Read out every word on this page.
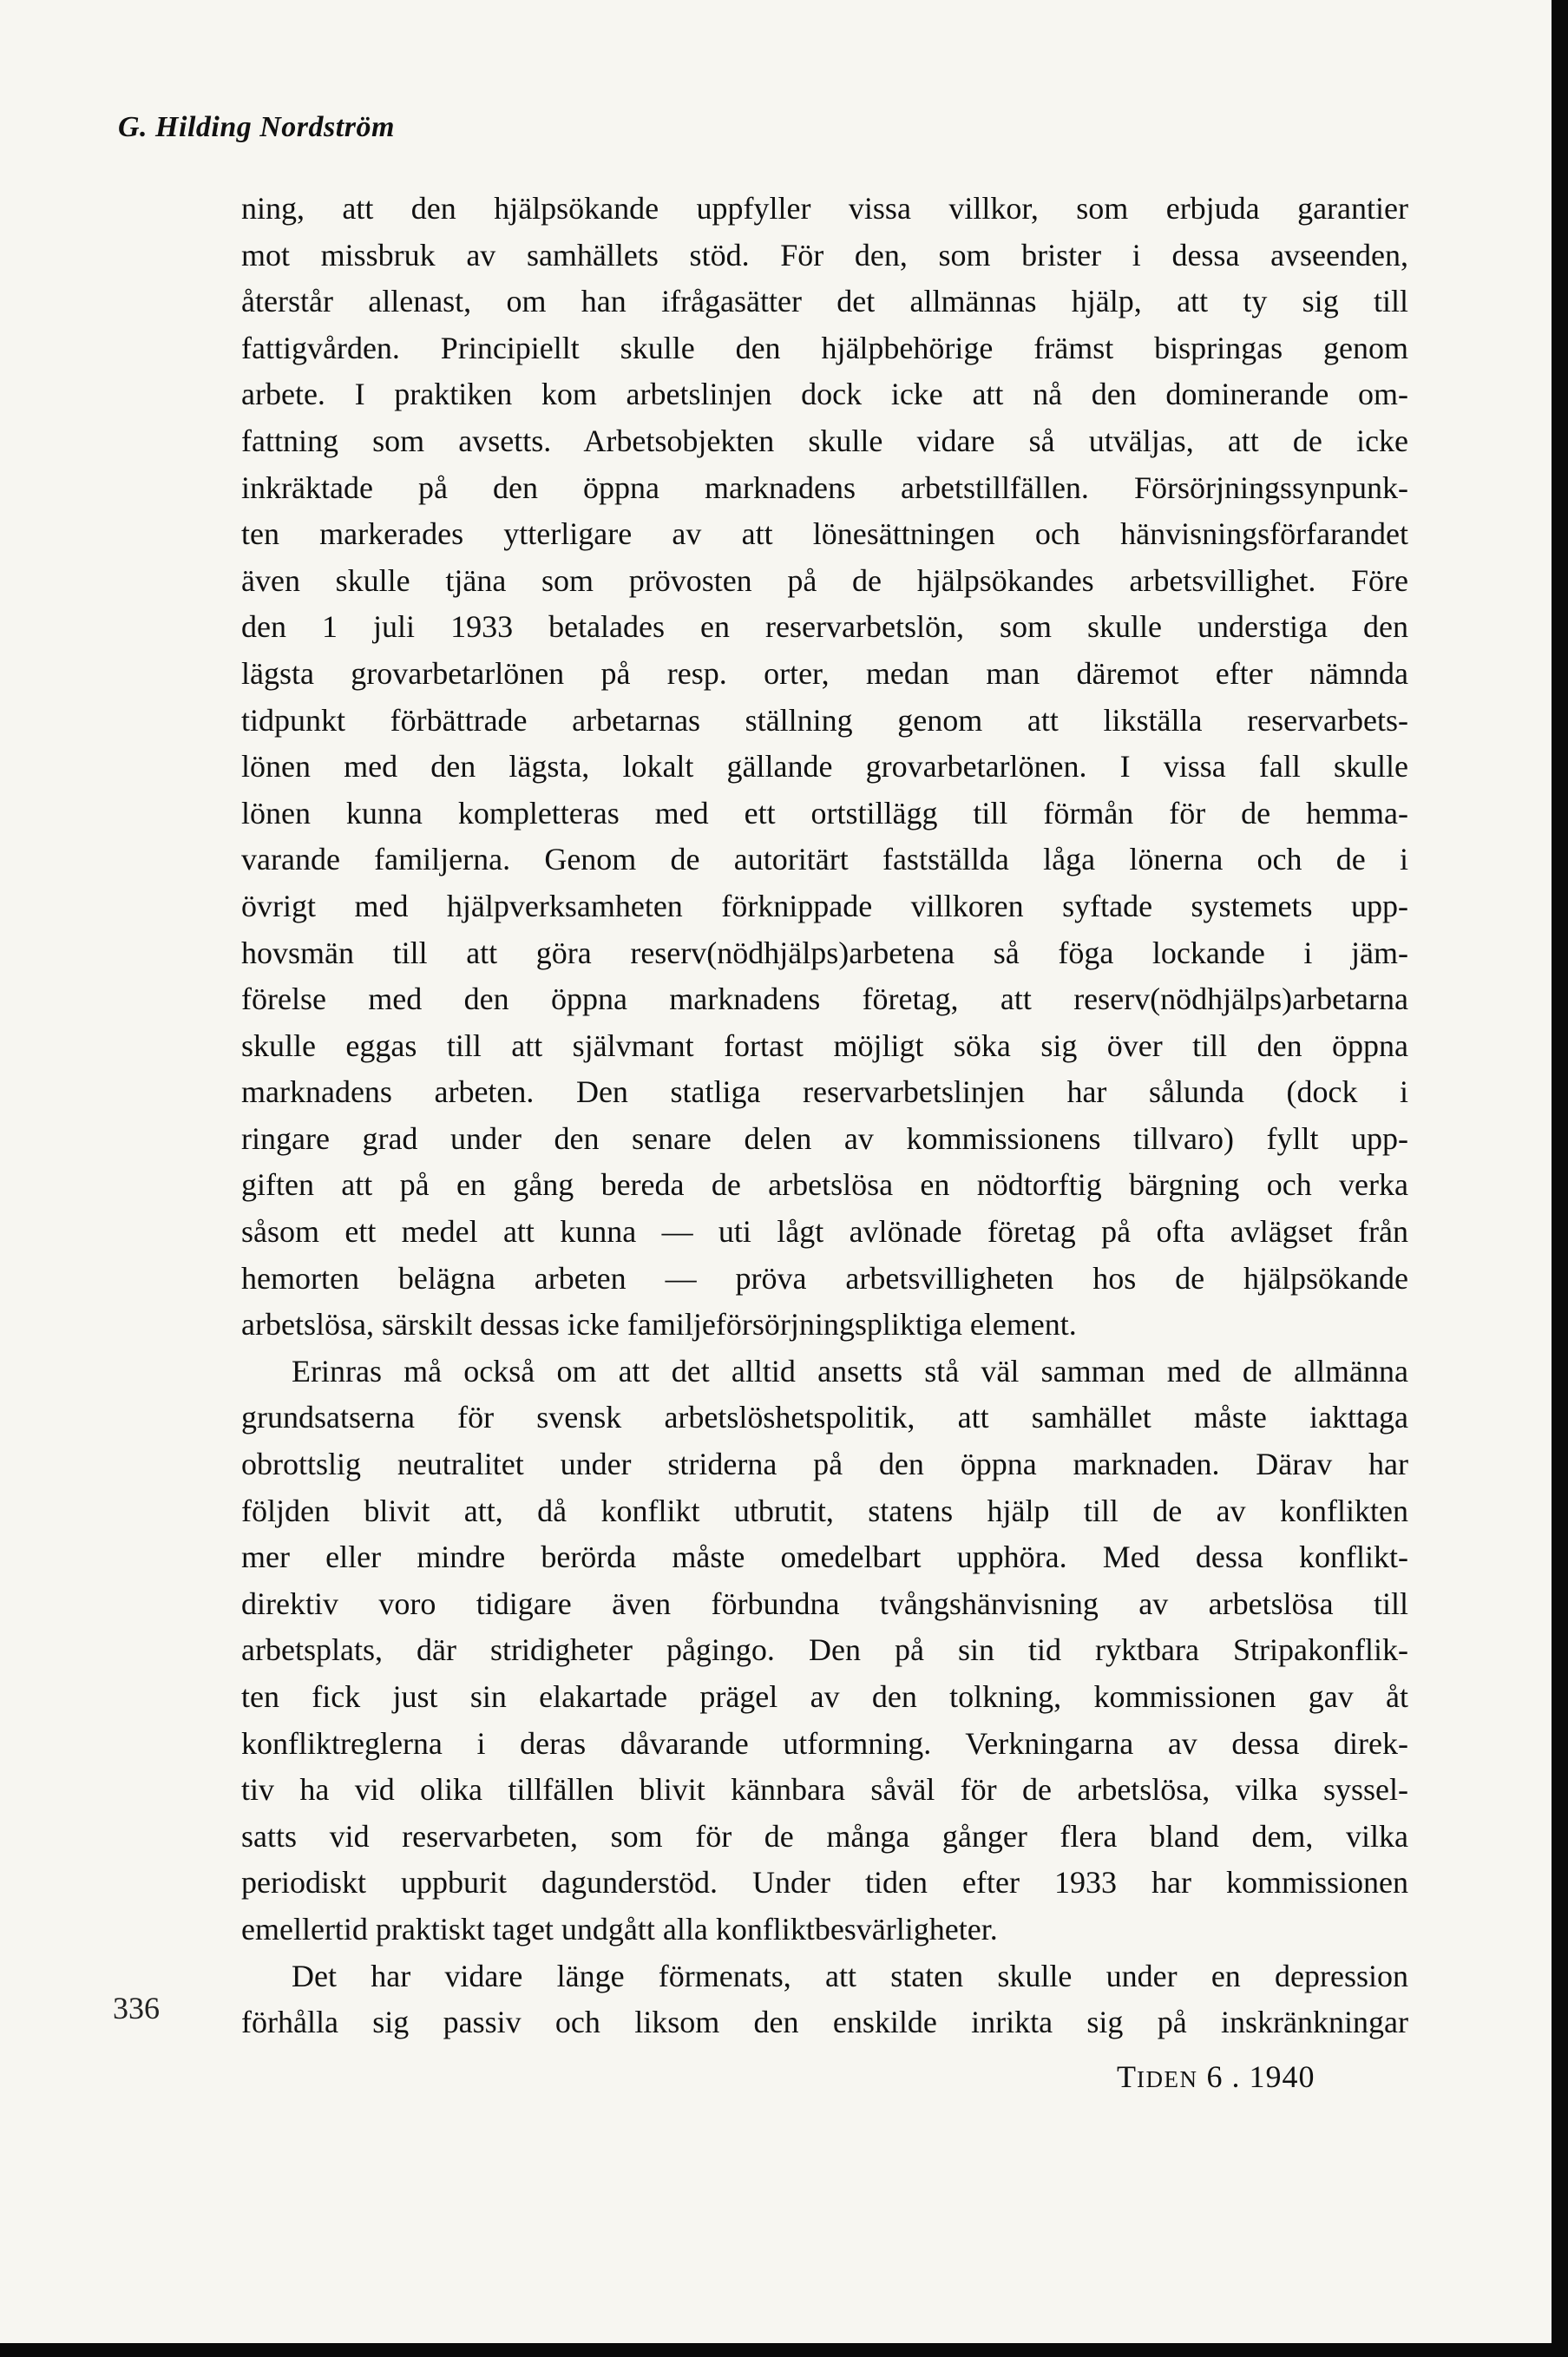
G. Hilding Nordström

ning, att den hjälpsökande uppfyller vissa villkor, som erbjuda garantier
mot missbruk av samhällets stöd. För den, som brister i dessa avseenden,
återstår allenast, om han ifrågasätter det allmännas hjälp, att ty sig till
fattigvården. Principiellt skulle den hjälpbehörige främst bispringas genom
arbete. I praktiken kom arbetslinjen dock icke att nå den dominerande om-
fattning som avsetts. Arbetsobjekten skulle vidare så utväljas, att de icke
inkräktade på den öppna marknadens arbetstillfällen. Försörjningssynpunk-
ten markerades ytterligare av att lönesättningen och hänvisningsförfarandet
även skulle tjäna som prövosten på de hjälpsökandes arbetsvillighet. Före
den 1 juli 1933 betalades en reservarbetslön, som skulle understiga den
lägsta grovarbetarlönen på resp. orter, medan man däremot efter nämnda
tidpunkt förbättrade arbetarnas ställning genom att likställa reservarbets-
lönen med den lägsta, lokalt gällande grovarbetarlönen. I vissa fall skulle
lönen kunna kompletteras med ett ortstillägg till förmån för de hemma-
varande familjerna. Genom de autoritärt fastställda låga lönerna och de i
övrigt med hjälpverksamheten förknippade villkoren syftade systemets upp-
hovsmän till att göra reserv(nödhjälps)arbetena så föga lockande i jäm-
förelse med den öppna marknadens företag, att reserv(nödhjälps)arbetarna
skulle eggas till att självmant fortast möjligt söka sig över till den öppna
marknadens arbeten. Den statliga reservarbetslinjen har sålunda (dock i
ringare grad under den senare delen av kommissionens tillvaro) fyllt upp-
giften att på en gång bereda de arbetslösa en nödtorftig bärgning och verka
såsom ett medel att kunna — uti lågt avlönade företag på ofta avlägset från
hemorten belägna arbeten — pröva arbetsvilligheten hos de hjälpsökande
arbetslösa, särskilt dessas icke familjeförsörjningspliktiga element.

Erinras må också om att det alltid ansetts stå väl samman med de allmänna
grundsatserna för svensk arbetslöshetspolitik, att samhället måste iakttaga
obrottslig neutralitet under striderna på den öppna marknaden. Därav har
följden blivit att, då konflikt utbrutit, statens hjälp till de av konflikten
mer eller mindre berörda måste omedelbart upphöra. Med dessa konflikt-
direktiv voro tidigare även förbundna tvångshänvisning av arbetslösa till
arbetsplats, där stridigheter pågingo. Den på sin tid ryktbara Stripakonflik-
ten fick just sin elakartade prägel av den tolkning, kommissionen gav åt
konfliktreglerna i deras dåvarande utformning. Verkningarna av dessa direk-
tiv ha vid olika tillfällen blivit kännbara såväl för de arbetslösa, vilka syssel-
satts vid reservarbeten, som för de många gånger flera bland dem, vilka
periodiskt uppburit dagunderstöd. Under tiden efter 1933 har kommissionen
emellertid praktiskt taget undgått alla konfliktbesvärligheter.

Det har vidare länge förmenats, att staten skulle under en depression
förhålla sig passiv och liksom den enskilde inrikta sig på inskränkningar

336
TIDEN 6 . 1940
